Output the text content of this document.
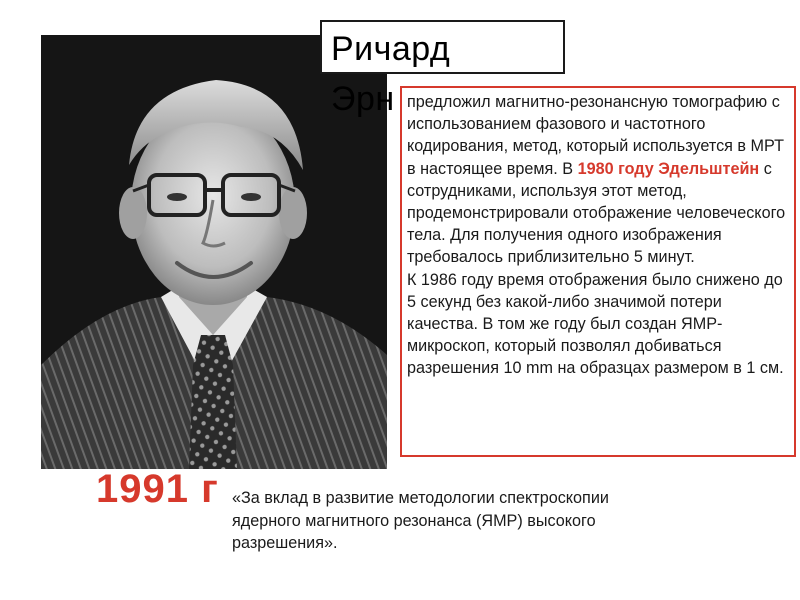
Ричард
Эрн предложил магнитно-резонансную томографию с использованием фазового и частотного кодирования, метод, который используется в МРТ в настоящее время. В 1980 году Эдельштейн с сотрудниками, используя этот метод, продемонстрировали отображение человеческого тела. Для получения одного изображения требовалось приблизительно 5 минут.

К 1986 году время отображения было снижено до 5 секунд без какой-либо значимой потери качества. В том же году был создан ЯМР-микроскоп, который позволял добиваться разрешения 10 mm на образцах размером в 1 см.

1991 г «За вклад в развитие методологии спектроскопии ядерного магнитного резонанса (ЯМР) высокого разрешения».
